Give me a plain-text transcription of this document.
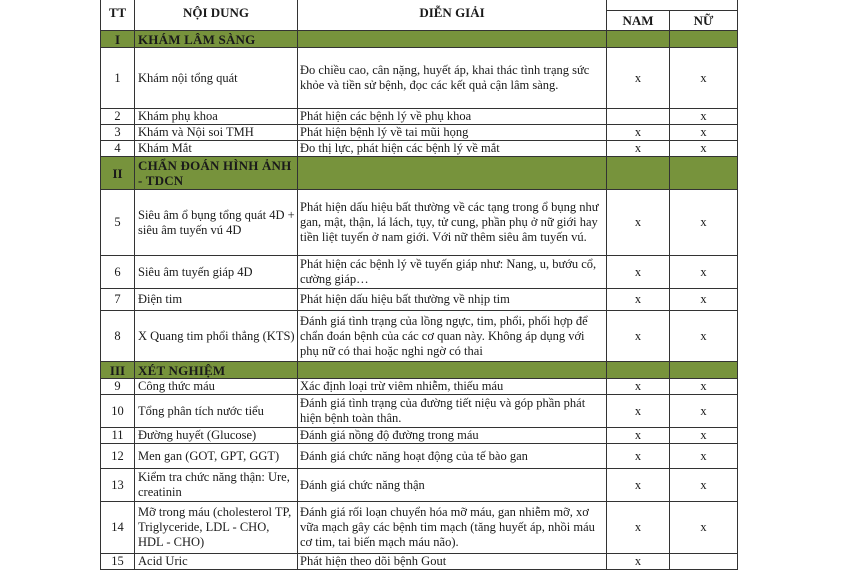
TT	NỘI DUNG	DIỄN GIẢI		
			NAM	NỮ
I	KHÁM LÂM SÀNG			
1	Khám nội tổng quát	Đo chiều cao, cân nặng, huyết áp, khai thác tình trạng sức khỏe và tiền sử bệnh, đọc các kết quả cận lâm sàng.	x	x
2	Khám phụ khoa	Phát hiện các bệnh lý về phụ khoa		x
3	Khám và Nội soi TMH	Phát hiện bệnh lý về tai mũi họng	x	x
4	Khám Mắt	Đo thị lực, phát hiện các bệnh lý về mắt	x	x
II	CHẨN ĐOÁN HÌNH ẢNH - TDCN			
5	Siêu âm ổ bụng tổng quát 4D + siêu âm tuyến vú 4D	Phát hiện dấu hiệu bất thường về các tạng trong ổ bụng như gan, mật, thận, lá lách, tụy, tử cung, phần phụ ở nữ giới hay tiền liệt tuyến ở nam giới. Với nữ thêm siêu âm tuyến vú.	x	x
6	Siêu âm tuyến giáp 4D	Phát hiện các bệnh lý về tuyến giáp như: Nang, u, bướu cổ, cường giáp…	x	x
7	Điện tim	Phát hiện dấu hiệu bất thường về nhịp tim	x	x
8	X Quang tim phổi thẳng (KTS)	Đánh giá tình trạng của lồng ngực, tim, phổi, phối hợp để chẩn đoán bệnh của các cơ quan này. Không áp dụng với phụ nữ có thai hoặc nghi ngờ có thai	x	x
III	XÉT NGHIỆM			
9	Công thức máu	Xác định loại trừ viêm nhiễm, thiếu máu	x	x
10	Tổng phân tích nước tiểu	Đánh giá tình trạng của đường tiết niệu và góp phần phát hiện bệnh toàn thân.	x	x
11	Đường huyết (Glucose)	Đánh giá nồng độ đường trong máu	x	x
12	Men gan (GOT, GPT, GGT)	Đánh giá chức năng hoạt động của tế bào gan	x	x
13	Kiểm tra chức năng thận: Ure, creatinin	Đánh giá chức năng thận	x	x
14	Mỡ trong máu (cholesterol TP, Triglyceride, LDL - CHO, HDL - CHO)	Đánh giá rối loạn chuyển hóa mỡ máu, gan nhiễm mỡ, xơ vữa mạch gây các bệnh tim mạch (tăng huyết áp, nhồi máu cơ tim, tai biến mạch máu não).	x	x
15	Acid Uric	Phát hiện theo dõi bệnh Gout	x	
